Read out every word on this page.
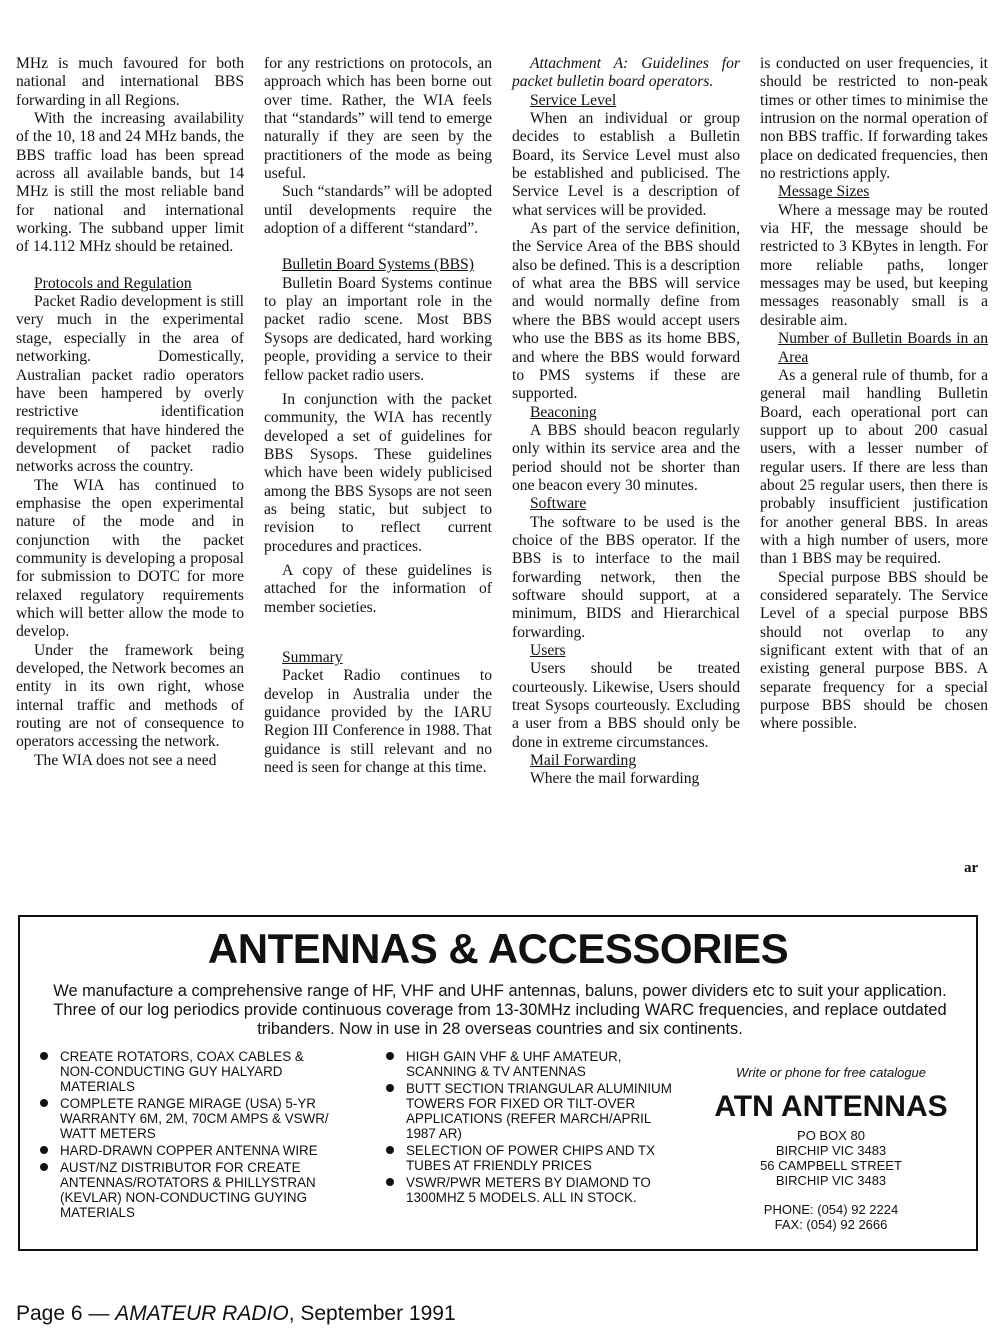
MHz is much favoured for both national and international BBS forwarding in all Regions.

With the increasing availability of the 10, 18 and 24 MHz bands, the BBS traffic load has been spread across all available bands, but 14 MHz is still the most reliable band for national and international working. The subband upper limit of 14.112 MHz should be retained.

Protocols and Regulation

Packet Radio development is still very much in the experimental stage, especially in the area of networking. Domestically, Australian packet radio operators have been hampered by overly restrictive identification requirements that have hindered the development of packet radio networks across the country.

The WIA has continued to emphasise the open experimental nature of the mode and in conjunction with the packet community is developing a proposal for submission to DOTC for more relaxed regulatory requirements which will better allow the mode to develop.

Under the framework being developed, the Network becomes an entity in its own right, whose internal traffic and methods of routing are not of consequence to operators accessing the network.

The WIA does not see a need

for any restrictions on protocols, an approach which has been borne out over time. Rather, the WIA feels that “standards” will tend to emerge naturally if they are seen by the practitioners of the mode as being useful.

Such “standards” will be adopted until developments require the adoption of a different “standard”.

Bulletin Board Systems (BBS)

Bulletin Board Systems continue to play an important role in the packet radio scene. Most BBS Sysops are dedicated, hard working people, providing a service to their fellow packet radio users.

In conjunction with the packet community, the WIA has recently developed a set of guidelines for BBS Sysops. These guidelines which have been widely publicised among the BBS Sysops are not seen as being static, but subject to revision to reflect current procedures and practices.

A copy of these guidelines is attached for the information of member societies.

Summary

Packet Radio continues to develop in Australia under the guidance provided by the IARU Region III Conference in 1988. That guidance is still relevant and no need is seen for change at this time.

Attachment A: Guidelines for packet bulletin board operators.

Service Level

When an individual or group decides to establish a Bulletin Board, its Service Level must also be established and publicised. The Service Level is a description of what services will be provided.

As part of the service definition, the Service Area of the BBS should also be defined. This is a description of what area the BBS will service and would normally define from where the BBS would accept users who use the BBS as its home BBS, and where the BBS would forward to PMS systems if these are supported.

Beaconing

A BBS should beacon regularly only within its service area and the period should not be shorter than one beacon every 30 minutes.

Software

The software to be used is the choice of the BBS operator. If the BBS is to interface to the mail forwarding network, then the software should support, at a minimum, BIDS and Hierarchical forwarding.

Users

Users should be treated courteously. Likewise, Users should treat Sysops courteously. Excluding a user from a BBS should only be done in extreme circumstances.

Mail Forwarding

Where the mail forwarding

is conducted on user frequencies, it should be restricted to non-peak times or other times to minimise the intrusion on the normal operation of non BBS traffic. If forwarding takes place on dedicated frequencies, then no restrictions apply.

Message Sizes

Where a message may be routed via HF, the message should be restricted to 3 KBytes in length. For more reliable paths, longer messages may be used, but keeping messages reasonably small is a desirable aim.

Number of Bulletin Boards in an Area

As a general rule of thumb, for a general mail handling Bulletin Board, each operational port can support up to about 200 casual users, with a lesser number of regular users. If there are less than about 25 regular users, then there is probably insufficient justification for another general BBS. In areas with a high number of users, more than 1 BBS may be required.

Special purpose BBS should be considered separately. The Service Level of a special purpose BBS should not overlap to any significant extent with that of an existing general purpose BBS. A separate frequency for a special purpose BBS should be chosen where possible.

ar
ANTENNAS & ACCESSORIES
We manufacture a comprehensive range of HF, VHF and UHF antennas, baluns, power dividers etc to suit your application. Three of our log periodics provide continuous coverage from 13-30MHz including WARC frequencies, and replace outdated tribanders. Now in use in 28 overseas countries and six continents.
CREATE ROTATORS, COAX CABLES & NON-CONDUCTING GUY HALYARD MATERIALS
COMPLETE RANGE MIRAGE (USA) 5-YR WARRANTY 6M, 2M, 70CM AMPS & VSWR/ WATT METERS
HARD-DRAWN COPPER ANTENNA WIRE
AUST/NZ DISTRIBUTOR FOR CREATE ANTENNAS/ROTATORS & PHILLYSTRAN (KEVLAR) NON-CONDUCTING GUYING MATERIALS
HIGH GAIN VHF & UHF AMATEUR, SCANNING & TV ANTENNAS
BUTT SECTION TRIANGULAR ALUMINIUM TOWERS FOR FIXED OR TILT-OVER APPLICATIONS (REFER MARCH/APRIL 1987 AR)
SELECTION OF POWER CHIPS AND TX TUBES AT FRIENDLY PRICES
VSWR/PWR METERS BY DIAMOND TO 1300MHZ 5 MODELS. ALL IN STOCK.
Write or phone for free catalogue
ATN ANTENNAS
PO BOX 80
BIRCHIP VIC 3483
56 CAMPBELL STREET
BIRCHIP VIC 3483
PHONE: (054) 92 2224
FAX: (054) 92 2666
Page 6 — AMATEUR RADIO, September 1991
